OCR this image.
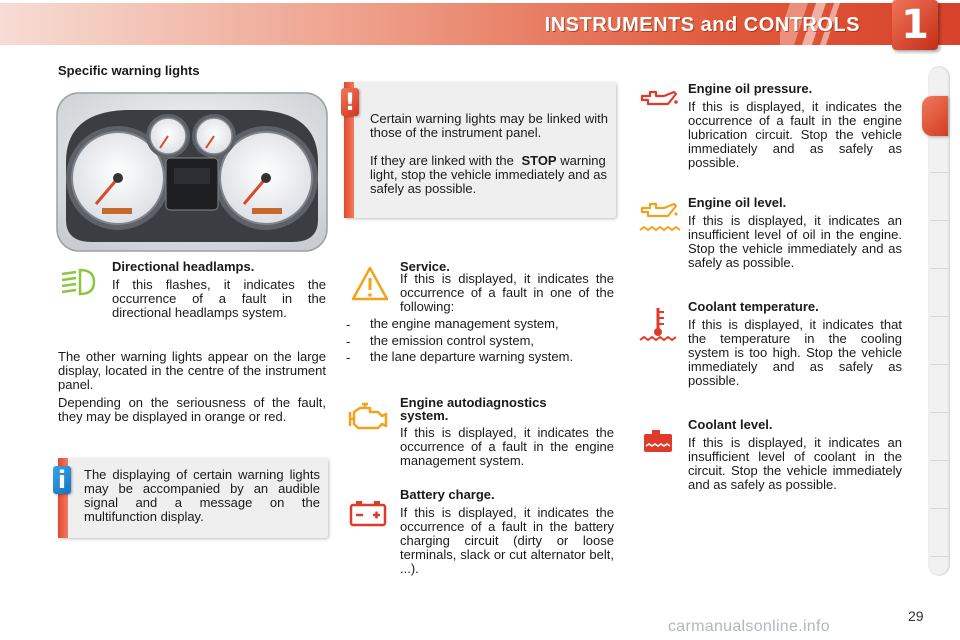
INSTRUMENTS and CONTROLS 1
Specific warning lights
Directional headlamps.
If this flashes, it indicates the occurrence of a fault in the directional headlamps system.
The other warning lights appear on the large display, located in the centre of the instrument panel.
Depending on the seriousness of the fault, they may be displayed in orange or red.
i	The displaying of certain warning lights may be accompanied by an audible signal and a message on the multifunction display.
!
Certain warning lights may be linked with those of the instrument panel.
If they are linked with the STOP warning light, stop the vehicle immediately and as safely as possible.
Service.
If this is displayed, it indicates the occurrence of a fault in one of the following:
- the engine management system,
- the emission control system,
- the lane departure warning system.
Engine autodiagnostics
system.
If this is displayed, it indicates the occurrence of a fault in the engine management system.
Battery charge.
If this is displayed, it indicates the occurrence of a fault in the battery charging circuit (dirty or loose terminals, slack or cut alternator belt, ...).
Engine oil pressure.
If this is displayed, it indicates the occurrence of a fault in the engine lubrication circuit. Stop the vehicle immediately and as safely as possible.
Engine oil level.
If this is displayed, it indicates an insufficient level of oil in the engine. Stop the vehicle immediately and as safely as possible.
Coolant temperature.
If this is displayed, it indicates that the temperature in the cooling system is too high. Stop the vehicle immediately and as safely as possible.
Coolant level.
If this is displayed, it indicates an insufficient level of coolant in the circuit. Stop the vehicle immediately and as safely as possible.
29
carmanualsonline.info
